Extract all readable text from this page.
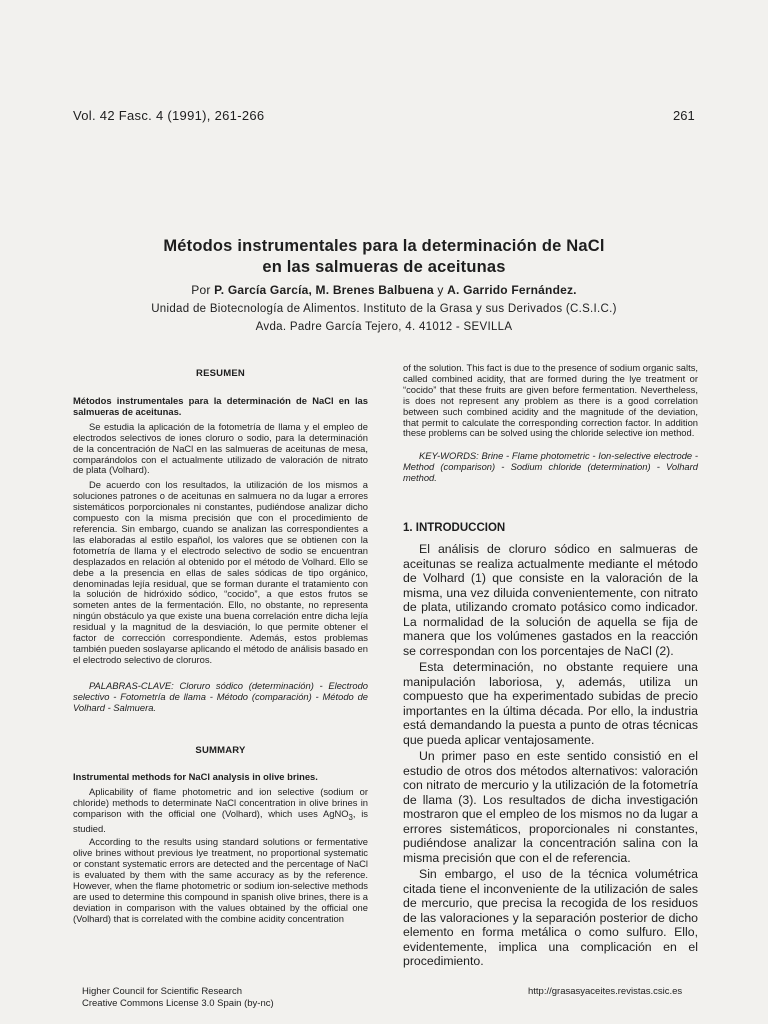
Vol. 42 Fasc. 4 (1991), 261-266	261
Métodos instrumentales para la determinación de NaCl
en las salmueras de aceitunas
Por P. García García, M. Brenes Balbuena y A. Garrido Fernández.
Unidad de Biotecnología de Alimentos. Instituto de la Grasa y sus Derivados (C.S.I.C.)
Avda. Padre García Tejero, 4. 41012 - SEVILLA
RESUMEN

Métodos instrumentales para la determinación de NaCl en las salmueras de aceitunas.

Se estudia la aplicación de la fotometría de llama y el empleo de electrodos selectivos de iones cloruro o sodio, para la determinación de la concentración de NaCl en las salmueras de aceitunas de mesa, comparándolos con el actualmente utilizado de valoración de nitrato de plata (Volhard).

De acuerdo con los resultados, la utilización de los mismos a soluciones patrones o de aceitunas en salmuera no da lugar a errores sistemáticos porporcionales ni constantes, pudiéndose analizar dicho compuesto con la misma precisión que con el procedimiento de referencia. Sin embargo, cuando se analizan las correspondientes a las elaboradas al estilo español, los valores que se obtienen con la fotometría de llama y el electrodo selectivo de sodio se encuentran desplazados en relación al obtenido por el método de Volhard. Ello se debe a la presencia en ellas de sales sódicas de tipo orgánico, denominadas lejía residual, que se forman durante el tratamiento con la solución de hidróxido sódico, “cocido”, a que estos frutos se someten antes de la fermentación. Ello, no obstante, no representa ningún obstáculo ya que existe una buena correlación entre dicha lejía residual y la magnitud de la desviación, lo que permite obtener el factor de corrección correspondiente. Además, estos problemas también pueden soslayarse aplicando el método de análisis basado en el electrodo selectivo de cloruros.

PALABRAS-CLAVE: Cloruro sódico (determinación) - Electrodo selectivo - Fotometría de llama - Método (comparación) - Método de Volhard - Salmuera.

SUMMARY

Instrumental methods for NaCl analysis in olive brines.

Aplicability of flame photometric and ion selective (sodium or chloride) methods to determinate NaCl concentration in olive brines in comparison with the official one (Volhard), which uses AgNO$_3$, is studied.

According to the results using standard solutions or fermentative olive brines without previous lye treatment, no proportional systematic or constant systematic errors are detected and the percentage of NaCl is evaluated by them with the same accuracy as by the reference. However, when the flame photometric or sodium ion-selective methods are used to determine this compound in spanish olive brines, there is a deviation in comparison with the values obtained by the official one (Volhard) that is correlated with the combine acidity concentration

of the solution. This fact is due to the presence of sodium organic salts, called combined acidity, that are formed during the lye treatment or “cocido” that these fruits are given before fermentation. Nevertheless, is does not represent any problem as there is a good correlation between such combined acidity and the magnitude of the deviation, that permit to calculate the corresponding correction factor. In addition these problems can be solved using the chloride selective ion method.

KEY-WORDS: Brine - Flame photometric - Ion-selective electrode - Method (comparison) - Sodium chloride (determination) - Volhard method.

1. INTRODUCCION

El análisis de cloruro sódico en salmueras de aceitunas se realiza actualmente mediante el método de Volhard (1) que consiste en la valoración de la misma, una vez diluida convenientemente, con nitrato de plata, utilizando cromato potásico como indicador. La normalidad de la solución de aquella se fija de manera que los volúmenes gastados en la reacción se correspondan con los porcentajes de NaCl (2).

Esta determinación, no obstante requiere una manipulación laboriosa, y, además, utiliza un compuesto que ha experimentado subidas de precio importantes en la última década. Por ello, la industria está demandando la puesta a punto de otras técnicas que pueda aplicar ventajosamente.

Un primer paso en este sentido consistió en el estudio de otros dos métodos alternativos: valoración con nitrato de mercurio y la utilización de la fotometría de llama (3). Los resultados de dicha investigación mostraron que el empleo de los mismos no da lugar a errores sistemáticos, proporcionales ni constantes, pudiéndose analizar la concentración salina con la misma precisión que con el de referencia.

Sin embargo, el uso de la técnica volumétrica citada tiene el inconveniente de la utilización de sales de mercurio, que precisa la recogida de los residuos de las valoraciones y la separación posterior de dicho elemento en forma metálica o como sulfuro. Ello, evidentemente, implica una complicación en el procedimiento.

Higher Council for Scientific Research
Creative Commons License 3.0 Spain (by-nc)
http://grasasyaceites.revistas.csic.es
